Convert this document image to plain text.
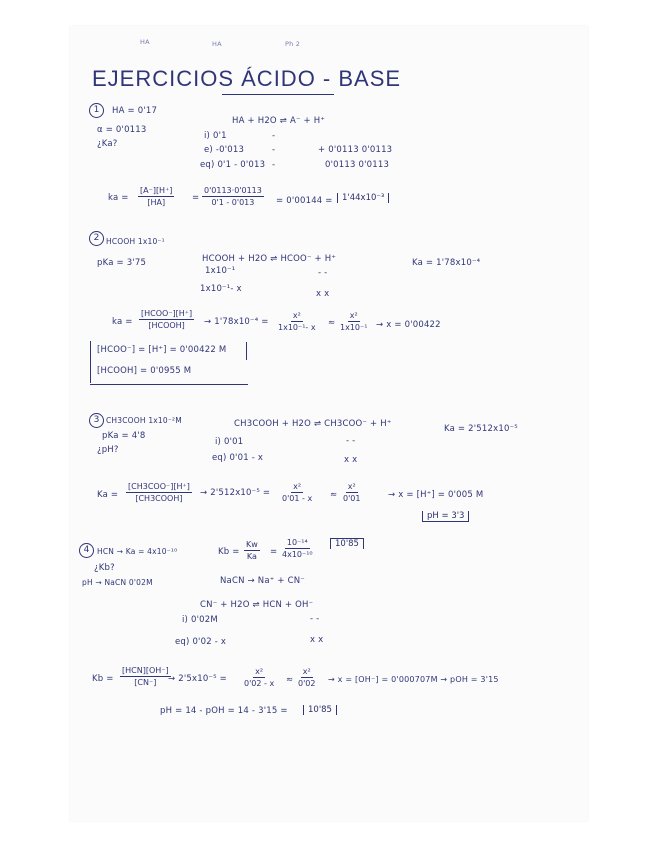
HA	HA	Ph 2
EJERCICIOS ÁCIDO - BASE
1	HA = 0'17
α = 0'0113
¿Ka?
HA + H2O ⇌ A⁻ + H⁺
i) 0'1	-
e) -0'013	-	+ 0'0113 0'0113
eq) 0'1 - 0'013 -	0'0113 0'0113
ka = $\frac{[A^-][H^+]}{[HA]} = \frac{0'0113\cdot 0'0113}{0'1 - 0'013} = 0'00144$ =	1'44x10⁻³
2 HCOOH 1x10⁻¹
pKa = 3'75	HCOOH + H2O ⇌ HCOO⁻ + H⁺	Ka = 1'78x10⁻⁴
1x10⁻¹	- -
1x10⁻¹- x	x x
ka =
[HCOO⁻][H⁺]
[HCOOH] → $1'78x10^{-4} = \frac{\text{x²}}{\text{1x10⁻¹- x}} \approx \frac{\text{x²}}{\text{1x10⁻¹}} \to x = 0'00422$
[HCOO⁻] = [H⁺] = 0'00422 M
[HCOOH] = 0'0955 M
3 CH3COOH 1x10⁻²M
pKa = 4'8
¿pH?
CH3COOH + H2O ⇌ CH3COO⁻ + H⁺	Ka = 2'512x10⁻⁵
i) 0'01	- -
eq) 0'01 - x	x x
Ka =
[CH3COO⁻][H⁺]
[CH3COOH]
→ $2'512x10^{-5} = \frac{\text{x²}}{0'01 - x} \approx \frac{\text{x²}}{0'01}$	→ x = [H⁺] = 0'005 M
pH = 3'3
4	HCN → Ka = 4x10⁻¹⁰
¿Kb?
pH → NaCN 0'02M
$Kb = \frac{Kw}{Ka} = \frac{\text{10⁻¹⁴}}{\text{4x10⁻¹⁰}}$	10'85
NaCN → Na⁺ + CN⁻
CN⁻ + H2O ⇌ HCN + OH⁻
i) 0'02M	- -
eq) 0'02 - x	x x
Kb =
[HCN][OH⁻]
$[CN^-] \to 2'5x10^{-5} = \frac{\text{x²}}{0'02 - x} \approx \frac{\text{x²}}{0'02} \to x = [OH^-] = 0'000707M$ → pOH = 3'15
pH = 14 - pOH = 14 - 3'15 =	10'85
